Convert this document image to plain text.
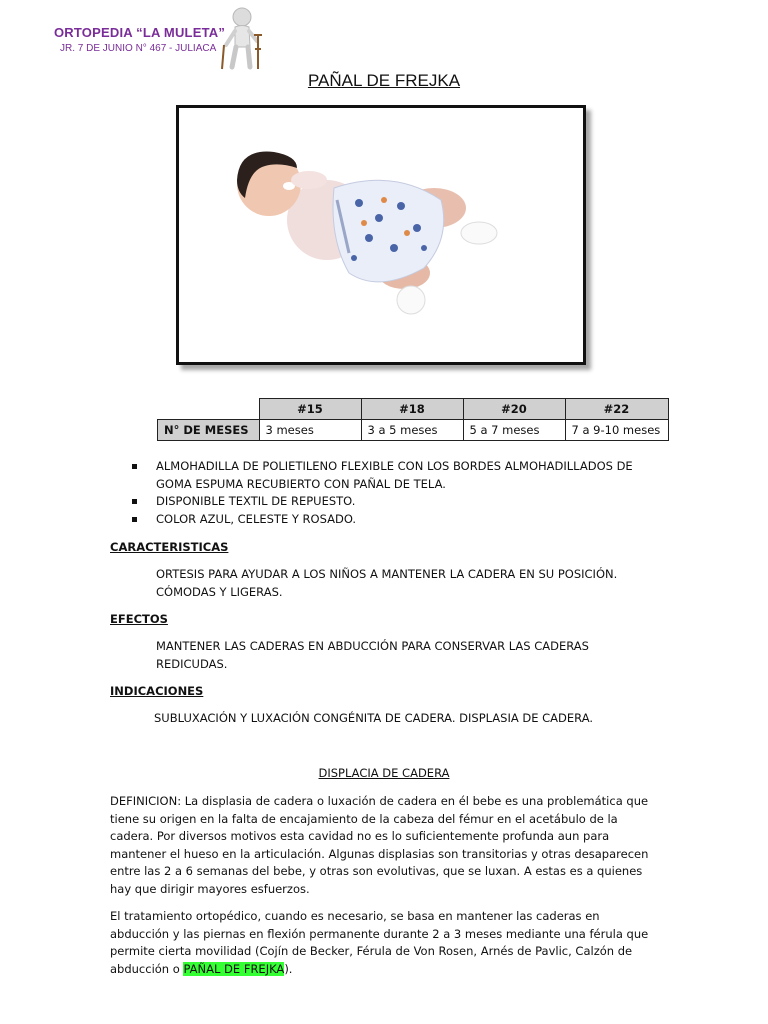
ORTOPEDIA “LA MULETA”
JR. 7 DE JUNIO N° 467 - JULIACA
PAÑAL DE FREJKA
	#15	#18	#20	#22
N° DE MESES	3 meses	3 a 5 meses	5 a 7 meses	7 a 9-10 meses
ALMOHADILLA DE POLIETILENO FLEXIBLE CON LOS BORDES ALMOHADILLADOS DE GOMA ESPUMA RECUBIERTO CON PAÑAL DE TELA.
DISPONIBLE TEXTIL DE REPUESTO.
COLOR AZUL, CELESTE Y ROSADO.
CARACTERISTICAS
ORTESIS PARA AYUDAR A LOS NIÑOS A MANTENER LA CADERA EN SU POSICIÓN. CÓMODAS Y LIGERAS.
EFECTOS
MANTENER LAS CADERAS EN ABDUCCIÓN PARA CONSERVAR LAS CADERAS REDICUDAS.
INDICACIONES
SUBLUXACIÓN Y LUXACIÓN CONGÉNITA DE CADERA. DISPLASIA DE CADERA.
DISPLACIA DE CADERA
DEFINICION: La displasia de cadera o luxación de cadera en él bebe es una problemática que tiene su origen en la falta de encajamiento de la cabeza del fémur en el acetábulo de la cadera. Por diversos motivos esta cavidad no es lo suficientemente profunda aun para mantener el hueso en la articulación. Algunas displasias son transitorias y otras desaparecen entre las 2 a 6 semanas del bebe, y otras son evolutivas, que se luxan. A estas es a quienes hay que dirigir mayores esfuerzos.
El tratamiento ortopédico, cuando es necesario, se basa en mantener las caderas en abducción y las piernas en flexión permanente durante 2 a 3 meses mediante una férula que permite cierta movilidad (Cojín de Becker, Férula de Von Rosen, Arnés de Pavlic, Calzón de abducción o PAÑAL DE FREJKA).
